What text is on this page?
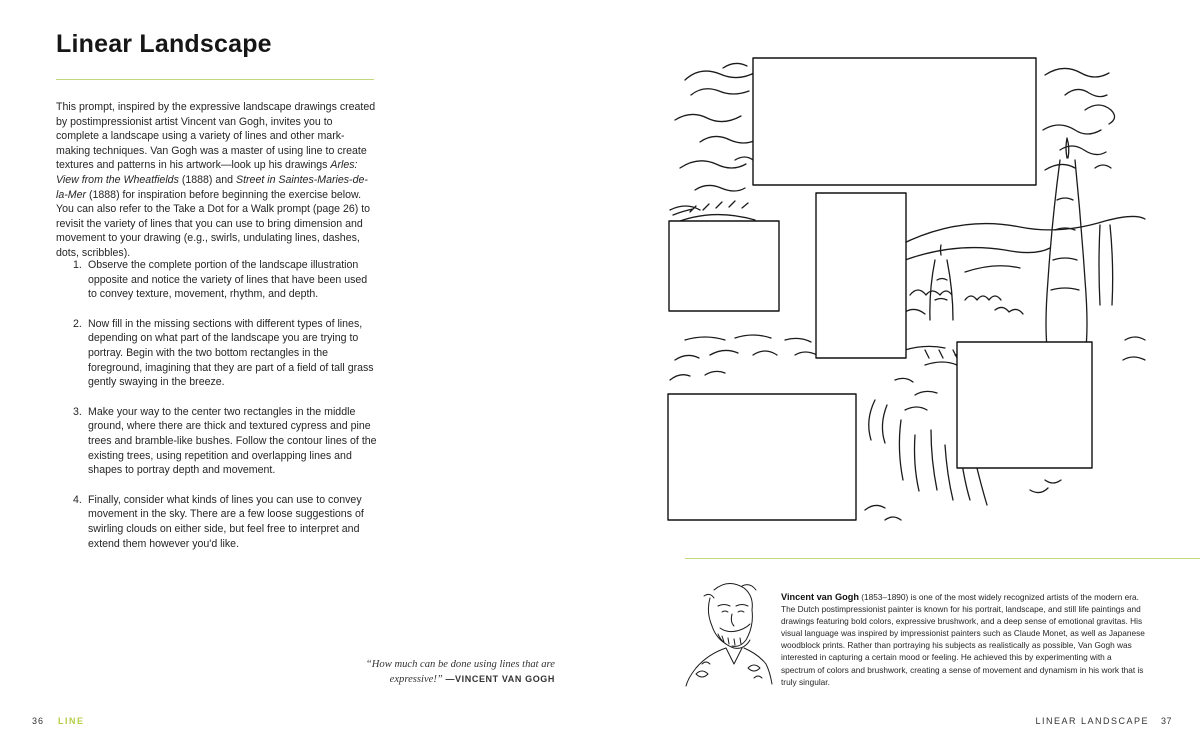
Linear Landscape

This prompt, inspired by the expressive landscape drawings created by postimpressionist artist Vincent van Gogh, invites you to complete a landscape using a variety of lines and other mark-making techniques. Van Gogh was a master of using line to create textures and patterns in his artwork—look up his drawings Arles: View from the Wheatfields (1888) and Street in Saintes-Maries-de-la-Mer (1888) for inspiration before beginning the exercise below. You can also refer to the Take a Dot for a Walk prompt (page 26) to revisit the variety of lines that you can use to bring dimension and movement to your drawing (e.g., swirls, undulating lines, dashes, dots, scribbles).

1. Observe the complete portion of the landscape illustration opposite and notice the variety of lines that have been used to convey texture, movement, rhythm, and depth.
2. Now fill in the missing sections with different types of lines, depending on what part of the landscape you are trying to portray. Begin with the two bottom rectangles in the foreground, imagining that they are part of a field of tall grass gently swaying in the breeze.
3. Make your way to the center two rectangles in the middle ground, where there are thick and textured cypress and pine trees and bramble-like bushes. Follow the contour lines of the existing trees, using repetition and overlapping lines and shapes to portray depth and movement.
4. Finally, consider what kinds of lines you can use to convey movement in the sky. There are a few loose suggestions of swirling clouds on either side, but feel free to interpret and extend them however you'd like.
“How much can be done using lines that are expressive!” —VINCENT VAN GOGH
36 LINE

Vincent van Gogh (1853–1890) is one of the most widely recognized artists of the modern era. The Dutch postimpressionist painter is known for his portrait, landscape, and still life paintings and drawings featuring bold colors, expressive brushwork, and a deep sense of emotional gravitas. His visual language was inspired by impressionist painters such as Claude Monet, as well as Japanese woodblock prints. Rather than portraying his subjects as realistically as possible, Van Gogh was interested in capturing a certain mood or feeling. He achieved this by experimenting with a spectrum of colors and brushwork, creating a sense of movement and dynamism in his work that is truly singular.

LINEAR LANDSCAPE 37
